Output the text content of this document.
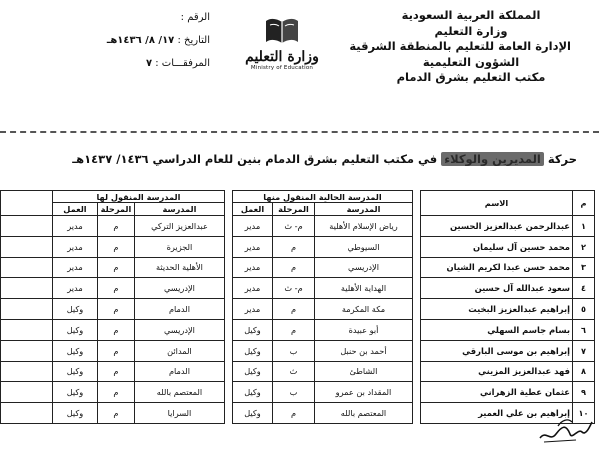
المملكة العربية السعودية
وزارة التعليم
الإدارة العامة للتعليم بالمنطقة الشرقية
الشؤون التعليمية
مكتب التعليم بشرق الدمام
وزارة التعليم
Ministry of Education
الرقم :
التاريخ : ١٧/ ٨/ ١٤٣٦هـ
المرفقـــات : ٧
حركة المديرين والوكلاء في مكتب التعليم بشرق الدمام بنين للعام الدراسي ١٤٣٦/ ١٤٣٧هـ
م	الاسم		المدرسة الحالية المنقول منها				المدرسة المنقول لها			
			المدرسة	المرحلة	العمل		المدرسة	المرحلة	العمل	
١	عبدالرحمن عبدالعزيز الحسين		رياض الإسلام الأهلية	م- ث	مدير		عبدالعزيز التركي	م	مدير	
٢	محمد حسين آل سليمان		السيوطي	م	مدير		الجزيرة	م	مدير	
٣	محمد حسن عبدا لكريم الشيان		الإدريسي	م	مدير		الأهلية الحديثة	م	مدير	
٤	سعود عبدالله آل حسين		الهداية الأهلية	م- ث	مدير		الإدريسي	م	مدير	
٥	إبراهيم عبدالعزيز البخيت		مكة المكرمة	م	مدير		الدمام	م	وكيل	
٦	بسام جاسم السهلي		أبو عبيدة	م	وكيل		الإدريسي	م	وكيل	
٧	إبراهيم بن موسى البارقي		أحمد بن حنبل	ب	وكيل		المدائن	م	وكيل	
٨	فهد عبدالعزيز المزيني		الشاطئ	ث	وكيل		الدمام	م	وكيل	
٩	عثمان عطية الزهراني		المقداد بن عمرو	ب	وكيل		المعتصم بالله	م	وكيل	
١٠	إبراهيم بن علي العمير		المعتصم بالله	م	وكيل		السرايا	م	وكيل	
